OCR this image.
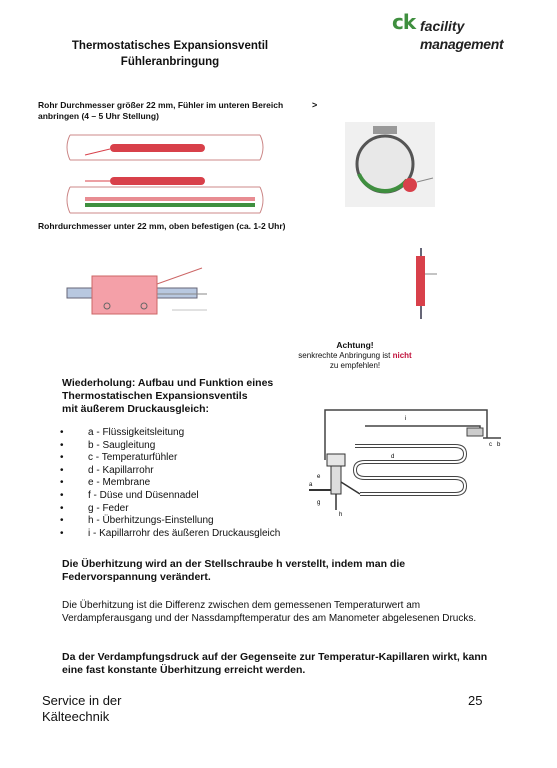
Thermostatisches Expansionsventil
Fühleranbringung
ck facility
management
Rohr Durchmesser größer 22 mm, Fühler im unteren Bereich
anbringen (4 – 5 Uhr Stellung)
>
Rohrdurchmesser unter 22 mm, oben befestigen (ca. 1-2 Uhr)
Achtung!
senkrechte Anbringung ist nicht
zu empfehlen!
Wiederholung: Aufbau und Funktion eines
Thermostatischen Expansionsventils
mit äußerem Druckausgleich:
• a - Flüssigkeitsleitung
• b - Saugleitung
• c - Temperaturfühler
• d - Kapillarrohr
• e - Membrane
• f - Düse und Düsennadel
• g - Feder
• h - Überhitzungs-Einstellung
• i - Kapillarrohr des äußeren Druckausgleich
i
c b
a
d
e
g
h
Die Überhitzung wird an der Stellschraube h verstellt, indem man die Federvorspannung verändert.
Die Überhitzung ist die Differenz zwischen dem gemessenen Temperaturwert am Verdampferausgang und der Nassdampftemperatur des am Manometer abgelesenen Drucks.
Da der Verdampfungsdruck auf der Gegenseite zur Temperatur-Kapillaren wirkt, kann eine fast konstante Überhitzung erreicht werden.
Service in der
Kälteechnik
25
